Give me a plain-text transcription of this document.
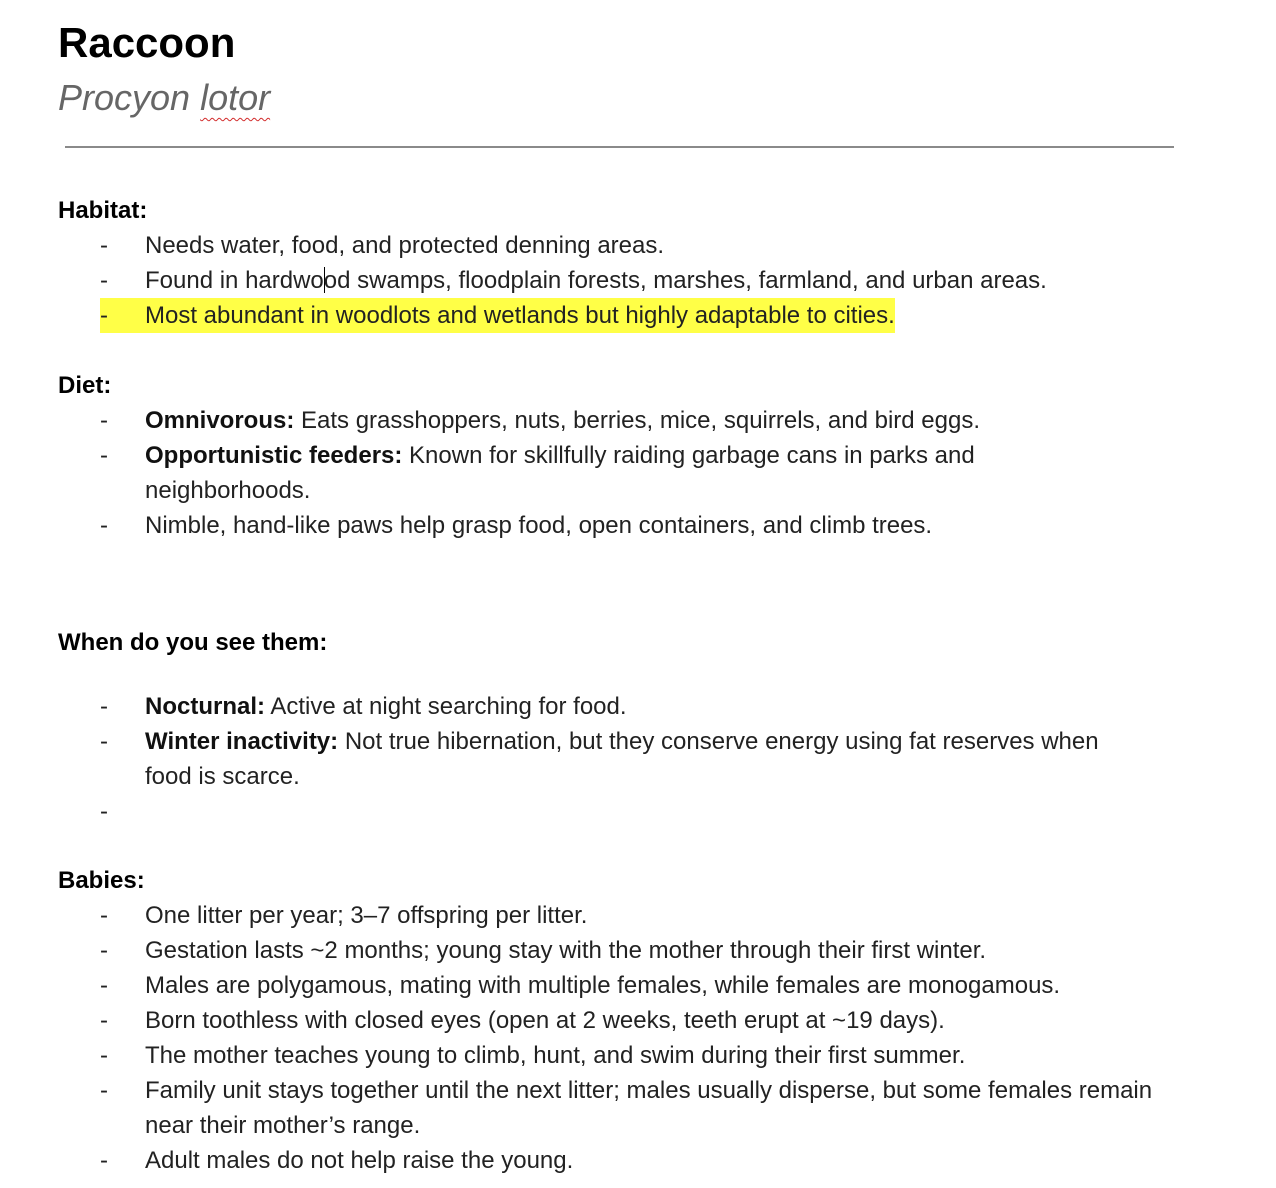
Raccoon

Procyon lotor

Habitat:

- Needs water, food, and protected denning areas.
- Found in hardwood swamps, floodplain forests, marshes, farmland, and urban areas.
-	Most abundant in woodlots and wetlands but highly adaptable to cities.

Diet:

- Omnivorous: Eats grasshoppers, nuts, berries, mice, squirrels, and bird eggs.
- Opportunistic feeders: Known for skillfully raiding garbage cans in parks and neighborhoods.
- Nimble, hand-like paws help grasp food, open containers, and climb trees.

When do you see them:

- Nocturnal: Active at night searching for food.
- Winter inactivity: Not true hibernation, but they conserve energy using fat reserves when food is scarce.
-

Babies:

- One litter per year; 3–7 offspring per litter.
- Gestation lasts ~2 months; young stay with the mother through their first winter.
- Males are polygamous, mating with multiple females, while females are monogamous.
- Born toothless with closed eyes (open at 2 weeks, teeth erupt at ~19 days).
- The mother teaches young to climb, hunt, and swim during their first summer.
- Family unit stays together until the next litter; males usually disperse, but some females remain near their mother’s range.
- Adult males do not help raise the young.
